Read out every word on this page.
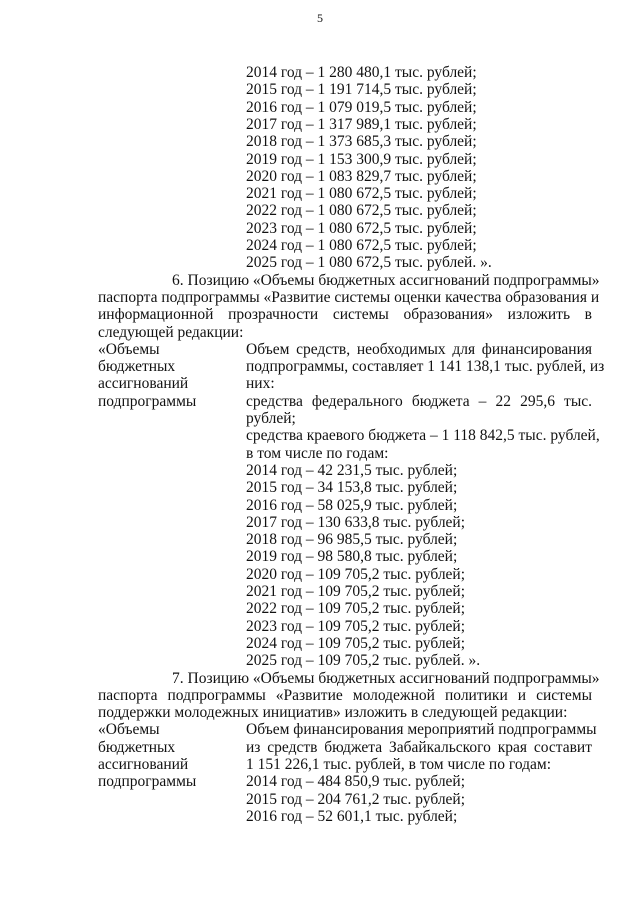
5
2014 год – 1 280 480,1 тыс. рублей;
2015 год – 1 191 714,5 тыс. рублей;
2016 год – 1 079 019,5 тыс. рублей;
2017 год – 1 317 989,1 тыс. рублей;
2018 год – 1 373 685,3 тыс. рублей;
2019 год – 1 153 300,9 тыс. рублей;
2020 год – 1 083 829,7 тыс. рублей;
2021 год – 1 080 672,5 тыс. рублей;
2022 год – 1 080 672,5 тыс. рублей;
2023 год – 1 080 672,5 тыс. рублей;
2024 год – 1 080 672,5 тыс. рублей;
2025 год – 1 080 672,5 тыс. рублей. ».
6. Позицию «Объемы бюджетных ассигнований подпрограммы»
паспорта подпрограммы «Развитие системы оценки качества образования и
информационной прозрачности системы образования» изложить в
следующей редакции:
«Объемы
бюджетных
ассигнований
подпрограммы
Объем средств, необходимых для финансирования
подпрограммы, составляет 1 141 138,1 тыс. рублей, из
них:
средства федерального бюджета – 22 295,6 тыс.
рублей;
средства краевого бюджета – 1 118 842,5 тыс. рублей,
в том числе по годам:
2014 год – 42 231,5 тыс. рублей;
2015 год – 34 153,8 тыс. рублей;
2016 год – 58 025,9 тыс. рублей;
2017 год – 130 633,8 тыс. рублей;
2018 год – 96 985,5 тыс. рублей;
2019 год – 98 580,8 тыс. рублей;
2020 год – 109 705,2 тыс. рублей;
2021 год – 109 705,2 тыс. рублей;
2022 год – 109 705,2 тыс. рублей;
2023 год – 109 705,2 тыс. рублей;
2024 год – 109 705,2 тыс. рублей;
2025 год – 109 705,2 тыс. рублей. ».
7. Позицию «Объемы бюджетных ассигнований подпрограммы»
паспорта подпрограммы «Развитие молодежной политики и системы
поддержки молодежных инициатив» изложить в следующей редакции:
«Объемы
бюджетных
ассигнований
подпрограммы
Объем финансирования мероприятий подпрограммы
из средств бюджета Забайкальского края составит
1 151 226,1 тыс. рублей, в том числе по годам:
2014 год – 484 850,9 тыс. рублей;
2015 год – 204 761,2 тыс. рублей;
2016 год – 52 601,1 тыс. рублей;
